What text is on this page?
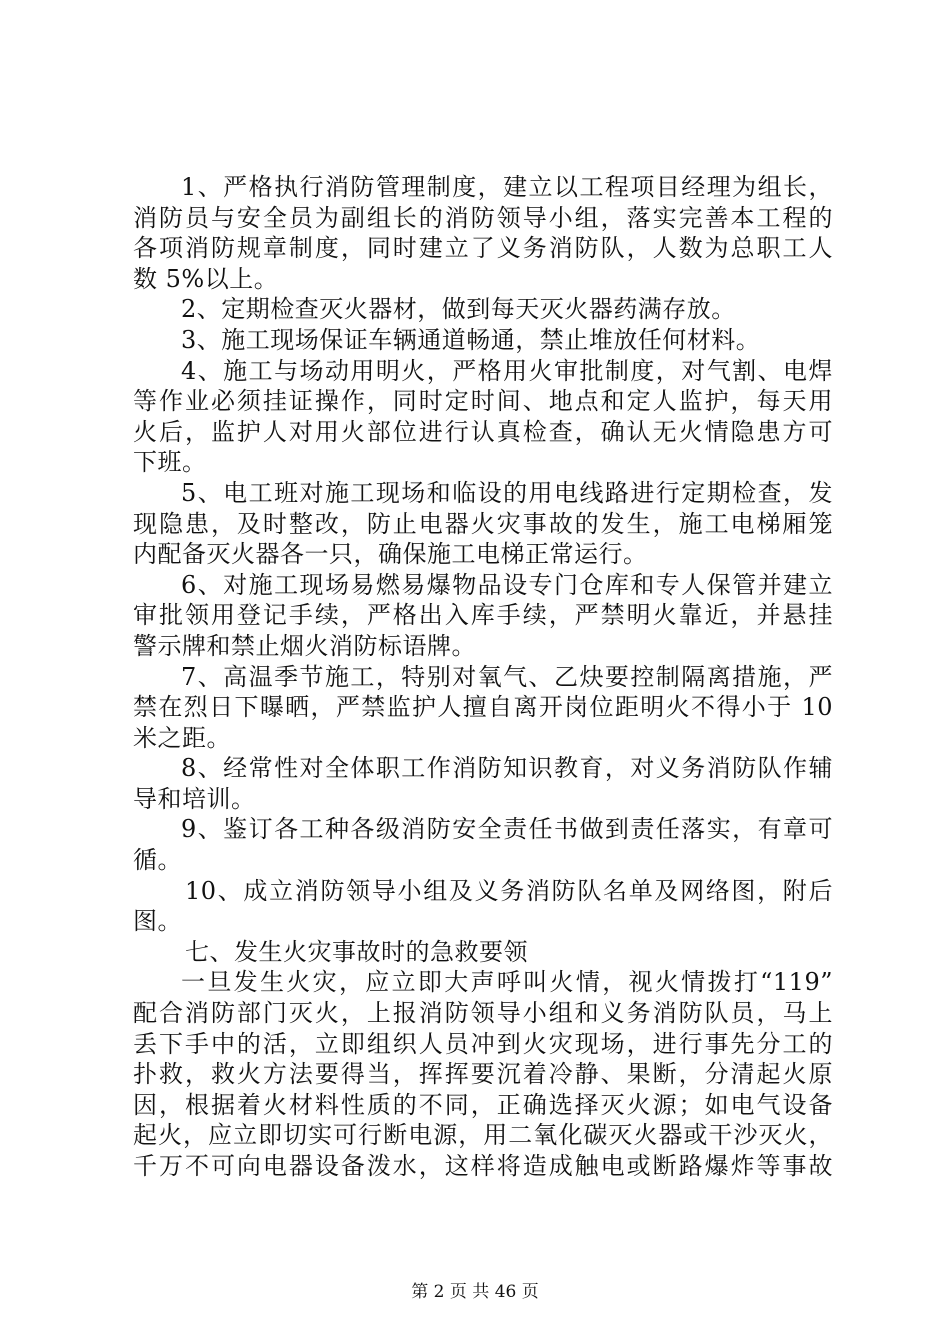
1、严格执行消防管理制度，建立以工程项目经理为组长，
消防员与安全员为副组长的消防领导小组，落实完善本工程的
各项消防规章制度，同时建立了义务消防队，人数为总职工人
数 5%以上。
2、定期检查灭火器材，做到每天灭火器药满存放。
3、施工现场保证车辆通道畅通，禁止堆放任何材料。
4、施工与场动用明火，严格用火审批制度，对气割、电焊
等作业必须挂证操作，同时定时间、地点和定人监护，每天用
火后，监护人对用火部位进行认真检查，确认无火情隐患方可
下班。
5、电工班对施工现场和临设的用电线路进行定期检查，发
现隐患，及时整改，防止电器火灾事故的发生，施工电梯厢笼
内配备灭火器各一只，确保施工电梯正常运行。
6、对施工现场易燃易爆物品设专门仓库和专人保管并建立
审批领用登记手续，严格出入库手续，严禁明火靠近，并悬挂
警示牌和禁止烟火消防标语牌。
7、高温季节施工，特别对氧气、乙炔要控制隔离措施，严
禁在烈日下曝晒，严禁监护人擅自离开岗位距明火不得小于 10
米之距。
8、经常性对全体职工作消防知识教育，对义务消防队作辅
导和培训。
9、鉴订各工种各级消防安全责任书做到责任落实，有章可
循。
10、成立消防领导小组及义务消防队名单及网络图，附后
图。
七、发生火灾事故时的急救要领
一旦发生火灾，应立即大声呼叫火情，视火情拨打“119”
配合消防部门灭火，上报消防领导小组和义务消防队员，马上
丢下手中的活，立即组织人员冲到火灾现场，进行事先分工的
扑救，救火方法要得当，挥挥要沉着冷静、果断，分清起火原
因，根据着火材料性质的不同，正确选择灭火源；如电气设备
起火，应立即切实可行断电源，用二氧化碳灭火器或干沙灭火，
千万不可向电器设备泼水，这样将造成触电或断路爆炸等事故
第 2 页 共 46 页
